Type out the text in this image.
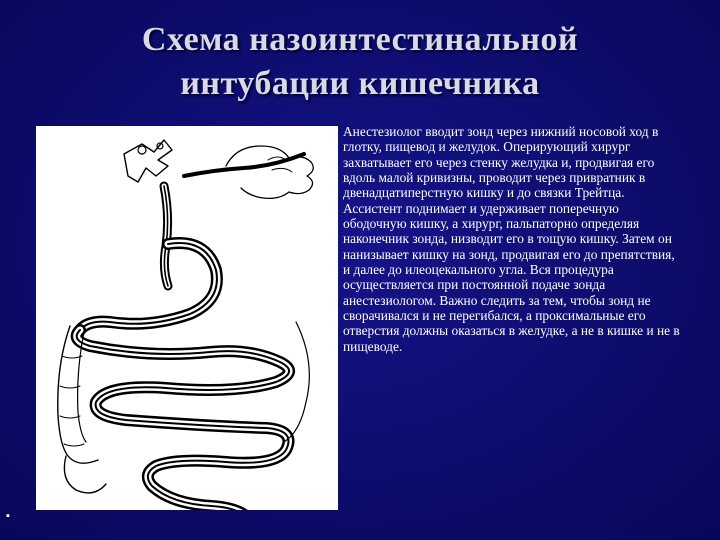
Схема назоинтестинальной
интубации кишечника

Анестезиолог вводит зонд через нижний носовой ход в глотку, пищевод и желудок. Оперирующий хирург захватывает его через стенку желудка и, продвигая его вдоль малой кривизны, проводит через привратник в двенадцатиперстную кишку и до связки Трейтца. Ассистент поднимает и удерживает поперечную ободочную кишку, а хирург, пальпаторно определяя наконечник зонда, низводит его в тощую кишку. Затем он нанизывает кишку на зонд, продвигая его до препятствия, и далее до илеоцекального угла. Вся процедура осуществляется при постоянной подаче зонда анестезиологом. Важно следить за тем, чтобы зонд не сворачивался и не перегибался, а проксимальные его отверстия должны оказаться в желудке, а не в кишке и не в пищеводе.

▪
